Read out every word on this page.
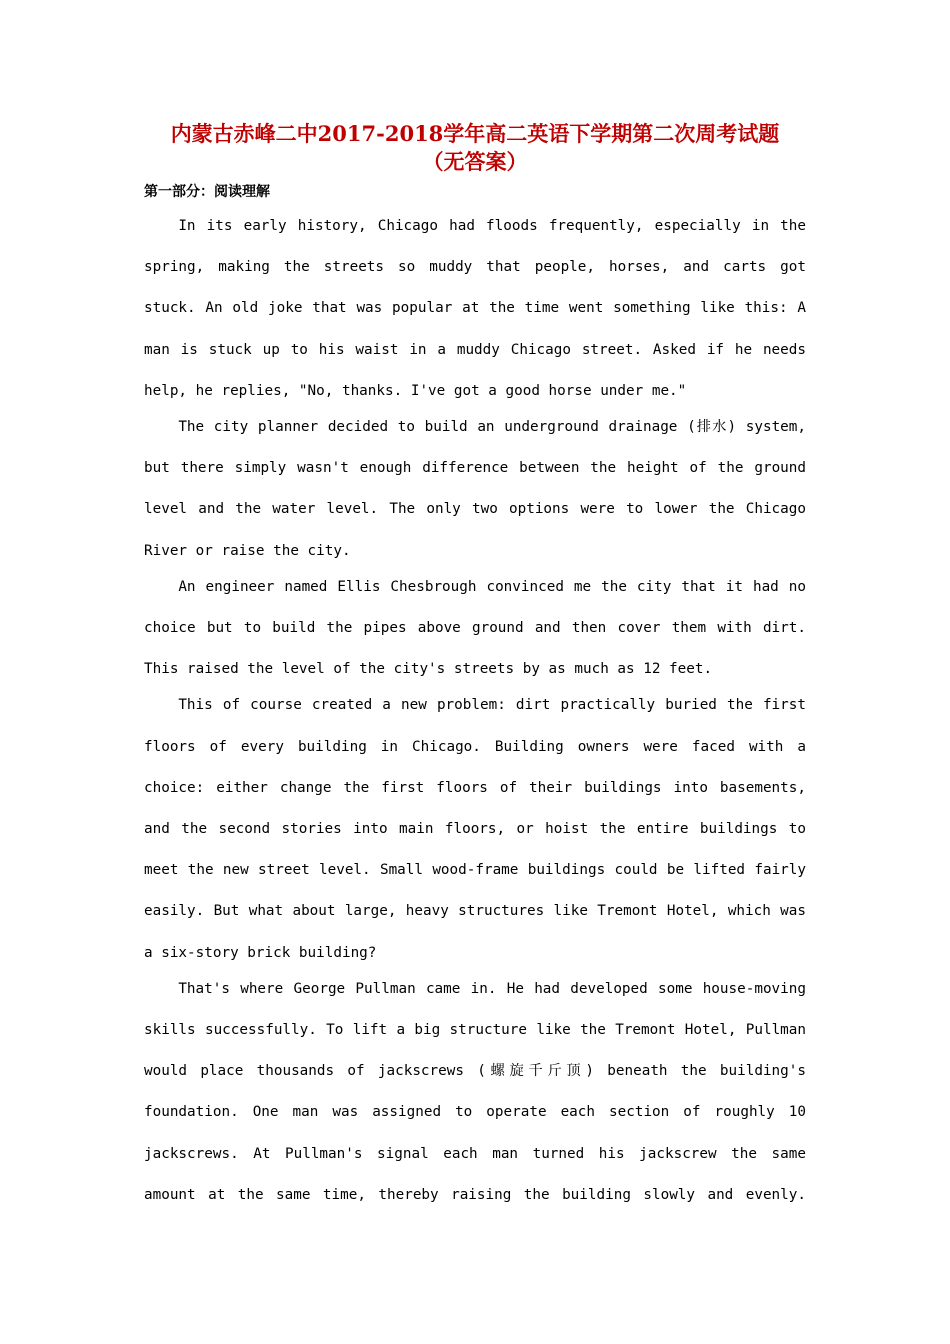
内蒙古赤峰二中2017-2018学年高二英语下学期第二次周考试题
（无答案）
第一部分：阅读理解

In its early history, Chicago had floods frequently, especially in the spring, making the streets so muddy that people, horses, and carts got stuck. An old joke that was popular at the time went something like this: A man is stuck up to his waist in a muddy Chicago street. Asked if he needs help, he replies, "No, thanks. I've got a good horse under me."

The city planner decided to build an underground drainage (排水) system, but there simply wasn't enough difference between the height of the ground level and the water level. The only two options were to lower the Chicago River or raise the city.

An engineer named Ellis Chesbrough convinced me the city that it had no choice but to build the pipes above ground and then cover them with dirt. This raised the level of the city's streets by as much as 12 feet.

This of course created a new problem: dirt practically buried the first floors of every building in Chicago. Building owners were faced with a choice: either change the first floors of their buildings into basements, and the second stories into main floors, or hoist the entire buildings to meet the new street level. Small wood-frame buildings could be lifted fairly easily. But what about large, heavy structures like Tremont Hotel, which was a six-story brick building?

That's where George Pullman came in. He had developed some house-moving skills successfully. To lift a big structure like the Tremont Hotel, Pullman would place thousands of jackscrews (螺旋千斤顶) beneath the building's foundation. One man was assigned to operate each section of roughly 10 jackscrews. At Pullman's signal each man turned his jackscrew the same amount at the same time, thereby raising the building slowly and evenly.
